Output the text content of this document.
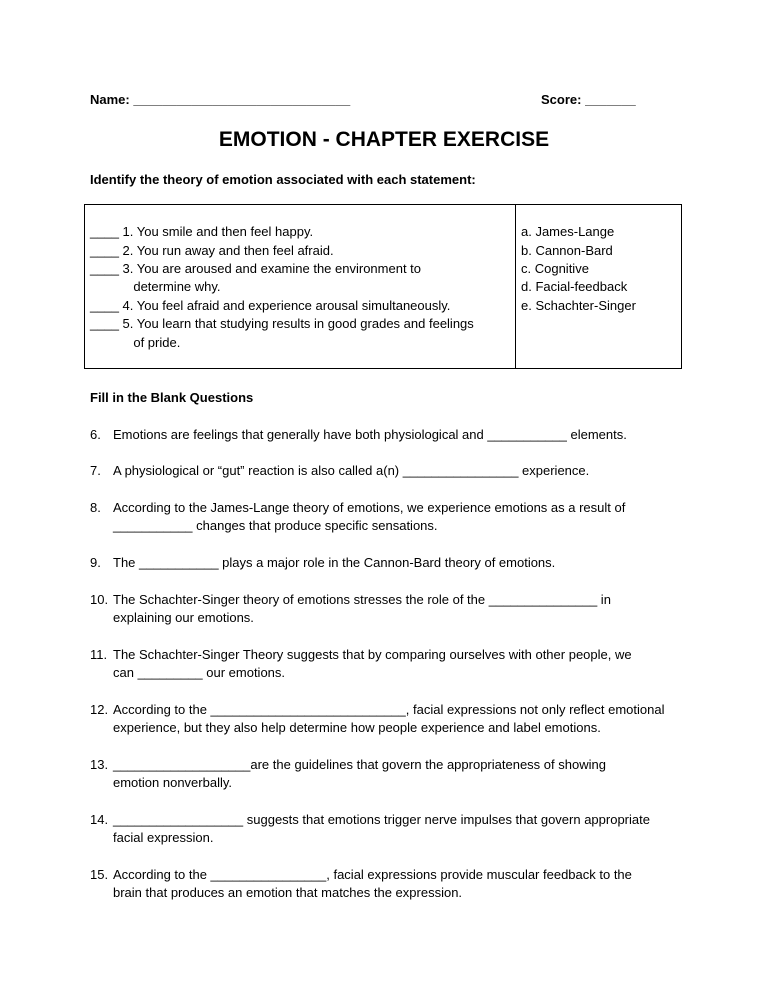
Name: ______________________________	Score: _______
EMOTION - CHAPTER EXERCISE
Identify the theory of emotion associated with each statement:
____ 1. You smile and then feel happy.
____ 2. You run away and then feel afraid.
____ 3. You are aroused and examine the environment to
determine why.
____ 4. You feel afraid and experience arousal simultaneously.
____ 5. You learn that studying results in good grades and feelings
of pride.
a. James-Lange
b. Cannon-Bard
c. Cognitive
d. Facial-feedback
e. Schachter-Singer
Fill in the Blank Questions
6. Emotions are feelings that generally have both physiological and ___________ elements.
7. A physiological or “gut” reaction is also called a(n) ________________ experience.
8. According to the James-Lange theory of emotions, we experience emotions as a result of
___________ changes that produce specific sensations.
9. The ___________ plays a major role in the Cannon-Bard theory of emotions.
10. The Schachter-Singer theory of emotions stresses the role of the _______________ in
explaining our emotions.
11. The Schachter-Singer Theory suggests that by comparing ourselves with other people, we
can _________ our emotions.
12. According to the ___________________________, facial expressions not only reflect emotional
experience, but they also help determine how people experience and label emotions.
13. ___________________are the guidelines that govern the appropriateness of showing
emotion nonverbally.
14. __________________ suggests that emotions trigger nerve impulses that govern appropriate
facial expression.
15. According to the ________________, facial expressions provide muscular feedback to the
brain that produces an emotion that matches the expression.
